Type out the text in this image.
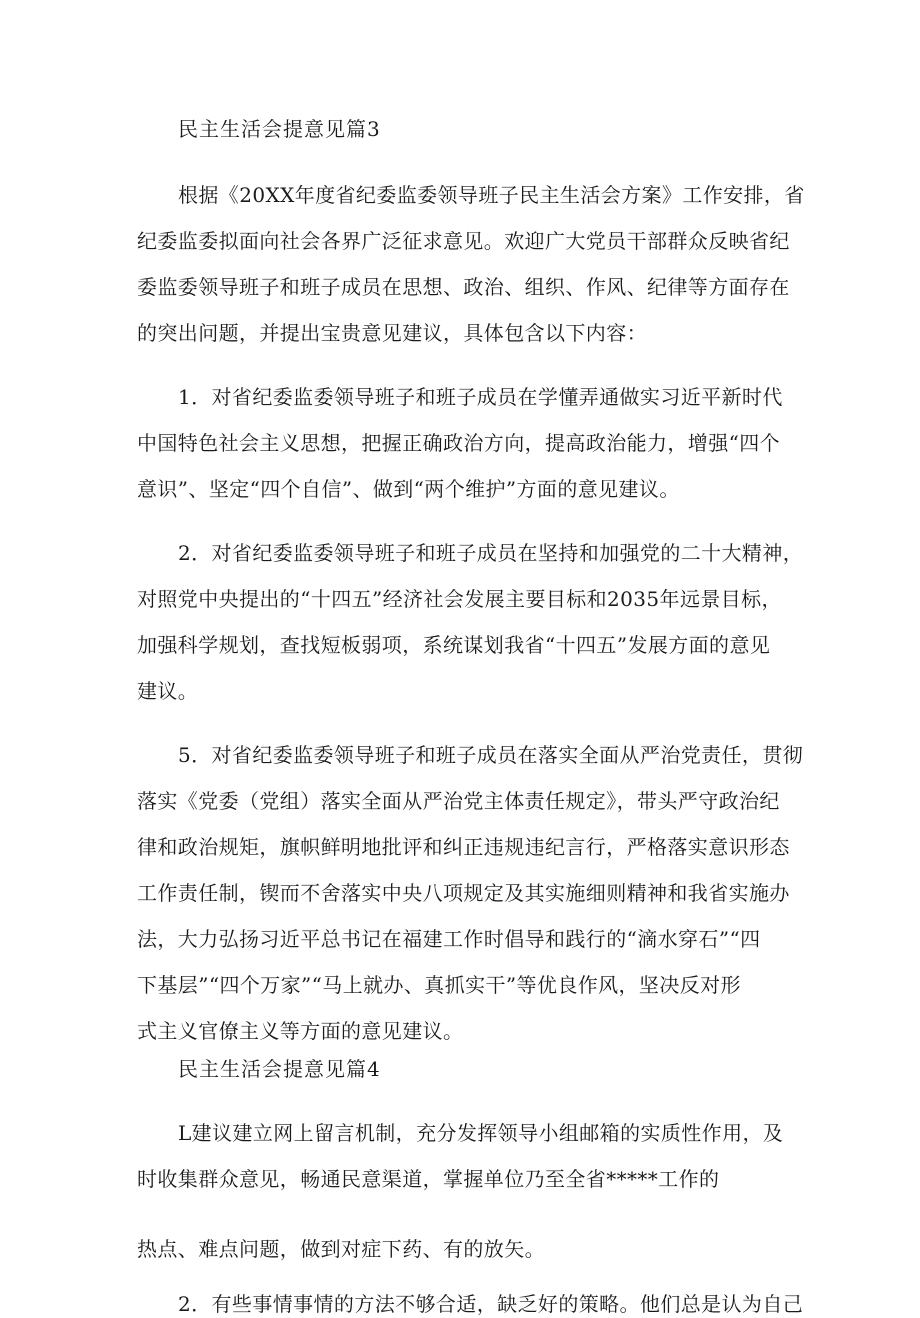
民主生活会提意见篇3
根据《20XX年度省纪委监委领导班子民主生活会方案》工作安排，省
纪委监委拟面向社会各界广泛征求意见。欢迎广大党员干部群众反映省纪
委监委领导班子和班子成员在思想、政治、组织、作风、纪律等方面存在
的突出问题，并提出宝贵意见建议，具体包含以下内容：
1．对省纪委监委领导班子和班子成员在学懂弄通做实习近平新时代
中国特色社会主义思想，把握正确政治方向，提高政治能力，增强“四个
意识”、坚定“四个自信”、做到“两个维护”方面的意见建议。
2．对省纪委监委领导班子和班子成员在坚持和加强党的二十大精神，
对照党中央提出的“十四五”经济社会发展主要目标和2035年远景目标，
加强科学规划，查找短板弱项，系统谋划我省“十四五”发展方面的意见
建议。
5．对省纪委监委领导班子和班子成员在落实全面从严治党责任，贯彻
落实《党委（党组）落实全面从严治党主体责任规定》，带头严守政治纪
律和政治规矩，旗帜鲜明地批评和纠正违规违纪言行，严格落实意识形态
工作责任制，锲而不舍落实中央八项规定及其实施细则精神和我省实施办
法，大力弘扬习近平总书记在福建工作时倡导和践行的“滴水穿石”“四
下基层”“四个万家”“马上就办、真抓实干”等优良作风，坚决反对形
式主义官僚主义等方面的意见建议。
民主生活会提意见篇4
L建议建立网上留言机制，充分发挥领导小组邮箱的实质性作用，及
时收集群众意见，畅通民意渠道，掌握单位乃至全省*****工作的
热点、难点问题，做到对症下药、有的放矢。
2．有些事情事情的方法不够合适，缺乏好的策略。他们总是认为自己
